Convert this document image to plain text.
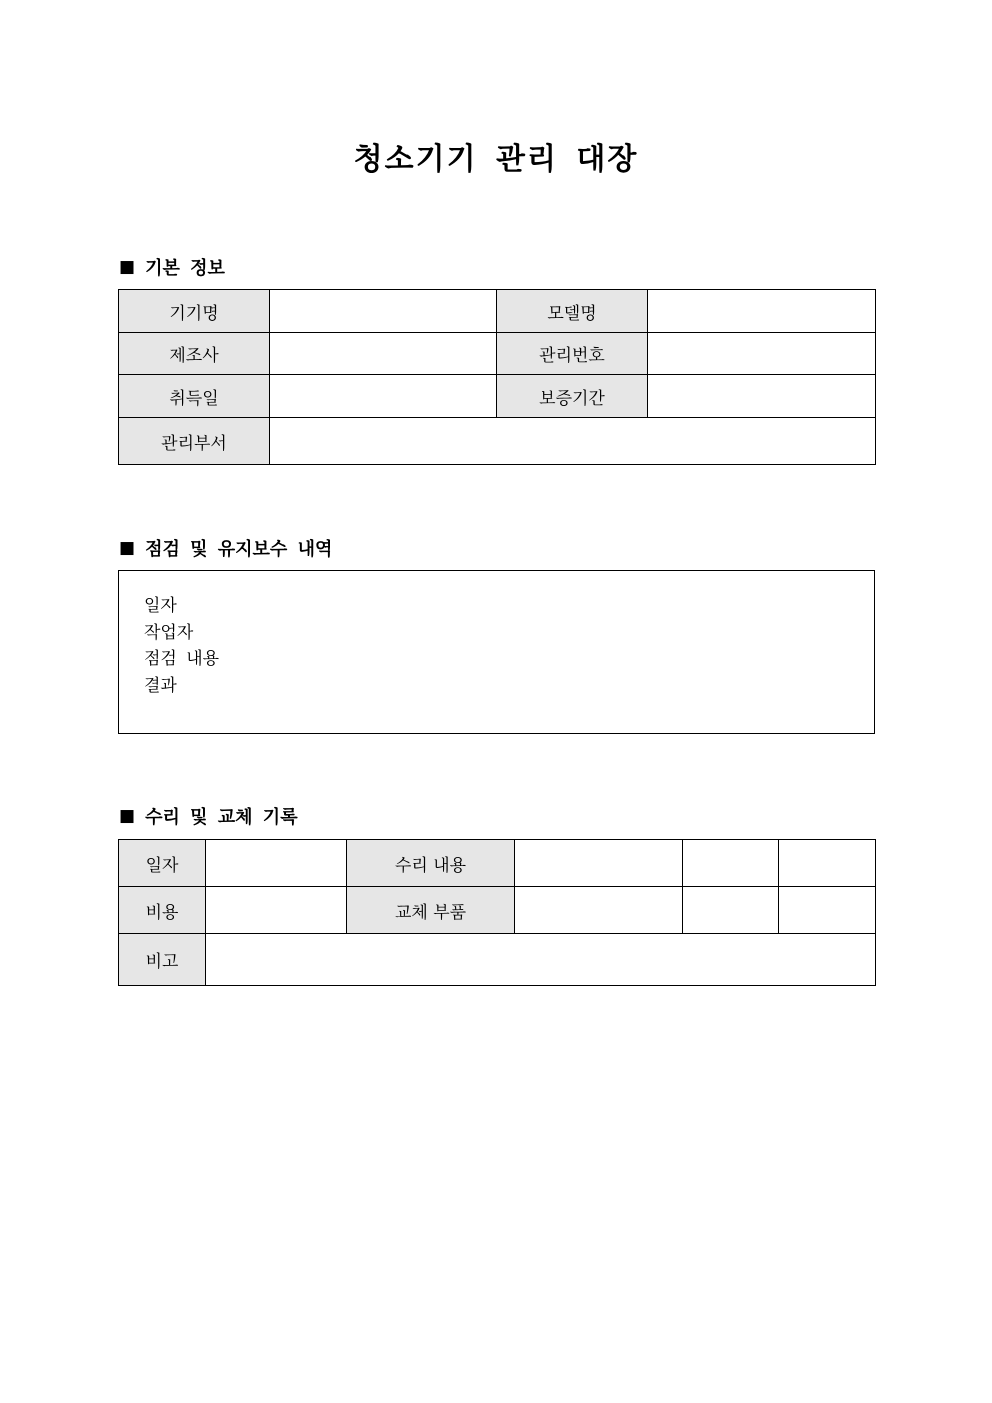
청소기기 관리 대장
■ 기본 정보
기기명		모델명	
제조사		관리번호	
취득일		보증기간	
관리부서			
■ 점검 및 유지보수 내역
일자
작업자
점검 내용
결과
■ 수리 및 교체 기록
일자		수리 내용			
비용		교체 부품			
비고					
